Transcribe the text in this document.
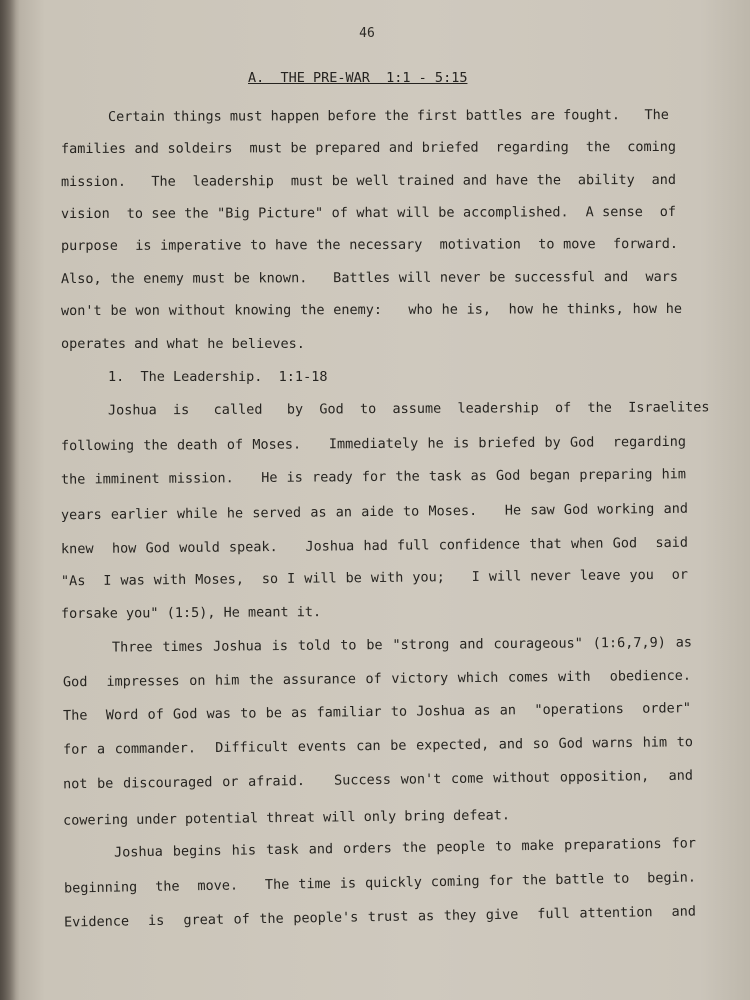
46
A.  THE PRE-WAR  1:1 - 5:15
Certain things must happen before the first battles are fought.   The
families and soldeirs  must be prepared and briefed  regarding  the  coming
mission.   The  leadership  must be well trained and have the  ability  and
vision  to see the "Big Picture" of what will be accomplished.  A sense  of
purpose  is imperative to have the necessary  motivation  to move  forward.
Also, the enemy must be known.   Battles will never be successful and  wars
won't be won without knowing the enemy:   who he is,  how he thinks, how he
operates and what he believes.
1.  The Leadership.  1:1-18
Joshua  is   called   by  God  to  assume  leadership  of  the  Israelites
following the death of Moses.   Immediately he is briefed by God  regarding
the imminent mission.   He is ready for the task as God began preparing him
years earlier while he served as an aide to Moses.   He saw God working and
knew  how God would speak.   Joshua had full confidence that when God  said
"As  I was with Moses,  so I will be with you;   I will never leave you  or
forsake you" (1:5), He meant it.
Three times Joshua is told to be "strong and courageous" (1:6,7,9) as
God  impresses on him the assurance of victory which comes with  obedience.
The  Word of God was to be as familiar to Joshua as an  "operations  order"
for a commander.  Difficult events can be expected, and so God warns him to
not be discouraged or afraid.   Success won't come without opposition,  and
cowering under potential threat will only bring defeat.
Joshua begins his task and orders the people to make preparations for
beginning  the  move.   The time is quickly coming for the battle to  begin.
Evidence  is  great of the people's trust as they give  full attention  and
